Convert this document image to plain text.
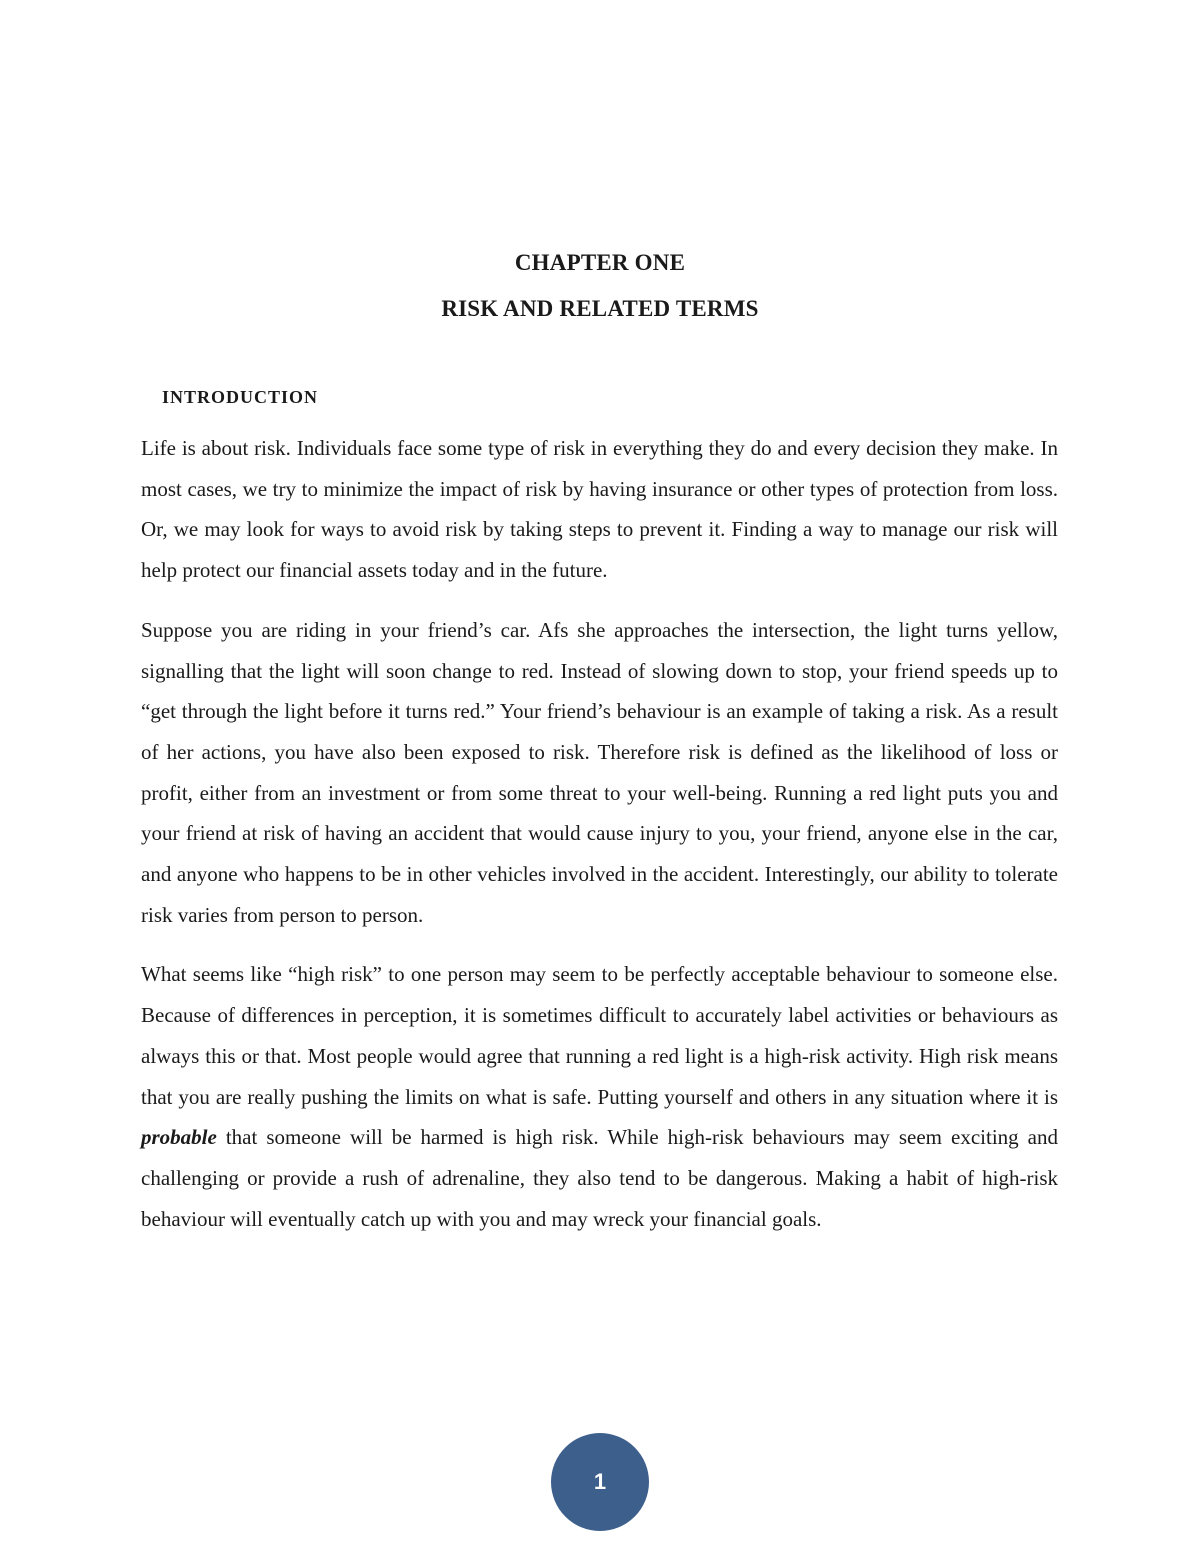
CHAPTER ONE
RISK AND RELATED TERMS
INTRODUCTION

Life is about risk. Individuals face some type of risk in everything they do and every decision they make. In most cases, we try to minimize the impact of risk by having insurance or other types of protection from loss. Or, we may look for ways to avoid risk by taking steps to prevent it. Finding a way to manage our risk will help protect our financial assets today and in the future.

Suppose you are riding in your friend’s car. Afs she approaches the intersection, the light turns yellow, signalling that the light will soon change to red. Instead of slowing down to stop, your friend speeds up to “get through the light before it turns red.” Your friend’s behaviour is an example of taking a risk. As a result of her actions, you have also been exposed to risk. Therefore risk is defined as the likelihood of loss or profit, either from an investment or from some threat to your well-being. Running a red light puts you and your friend at risk of having an accident that would cause injury to you, your friend, anyone else in the car, and anyone who happens to be in other vehicles involved in the accident. Interestingly, our ability to tolerate risk varies from person to person.

What seems like “high risk” to one person may seem to be perfectly acceptable behaviour to someone else. Because of differences in perception, it is sometimes difficult to accurately label activities or behaviours as always this or that. Most people would agree that running a red light is a high-risk activity. High risk means that you are really pushing the limits on what is safe. Putting yourself and others in any situation where it is probable that someone will be harmed is high risk. While high-risk behaviours may seem exciting and challenging or provide a rush of adrenaline, they also tend to be dangerous. Making a habit of high-risk behaviour will eventually catch up with you and may wreck your financial goals.

1
